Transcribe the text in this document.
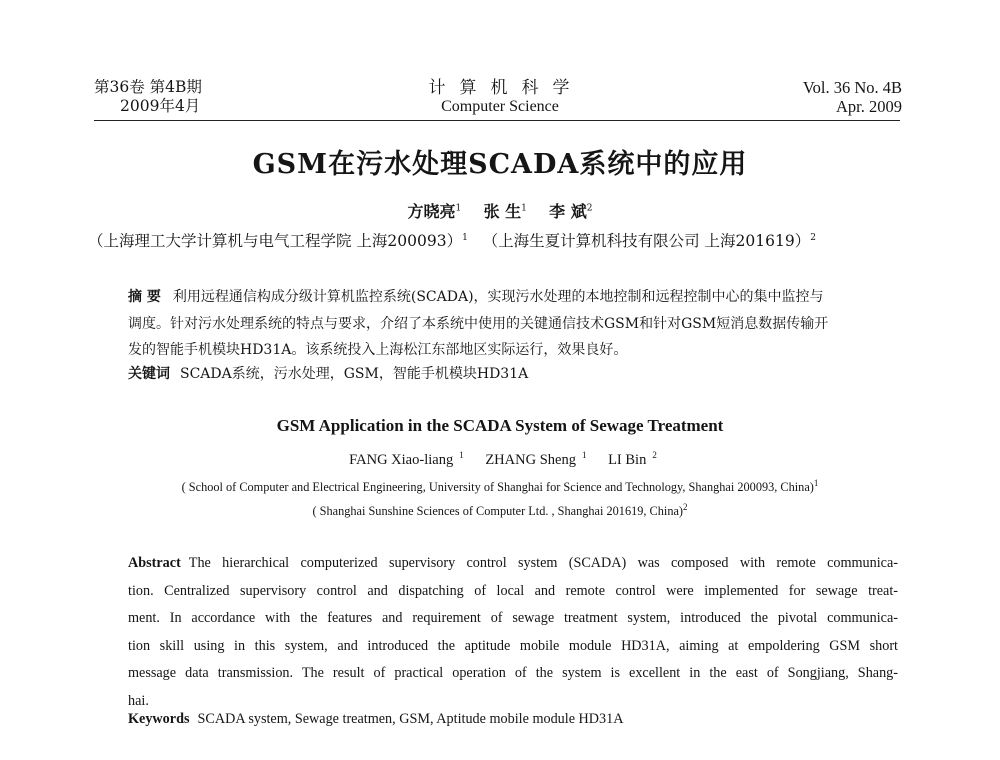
第36卷 第4B期
2009年4月
计算机科学
Computer Science
Vol. 36 No. 4B
Apr. 2009
GSM在污水处理SCADA系统中的应用
方晓亮$^1$ 张 生$^1$ 李 斌$^2$
（上海理工大学计算机与电气工程学院 上海200093）$^1$ （上海生夏计算机科技有限公司 上海201619）$^2$
摘 要 利用远程通信构成分级计算机监控系统(SCADA)，实现污水处理的本地控制和远程控制中心的集中监控与
调度。针对污水处理系统的特点与要求，介绍了本系统中使用的关键通信技术GSM和针对GSM短消息数据传输开
发的智能手机模块HD31A。该系统投入上海松江东部地区实际运行，效果良好。
关键词 SCADA系统，污水处理，GSM，智能手机模块HD31A
GSM Application in the SCADA System of Sewage Treatment
FANG Xiao-liang $^1$ ZHANG Sheng $^1$ LI Bin $^2$
( School of Computer and Electrical Engineering, University of Shanghai for Science and Technology, Shanghai 200093, China)$^1$
( Shanghai Sunshine Sciences of Computer Ltd. , Shanghai 201619, China)$^2$
Abstract The hierarchical computerized supervisory control system (SCADA) was composed with remote communica-
tion. Centralized supervisory control and dispatching of local and remote control were implemented for sewage treat-
ment. In accordance with the features and requirement of sewage treatment system, introduced the pivotal communica-
tion skill using in this system, and introduced the aptitude mobile module HD31A, aiming at empoldering GSM short
message data transmission. The result of practical operation of the system is excellent in the east of Songjiang, Shang-
hai.
Keywords SCADA system, Sewage treatmen, GSM, Aptitude mobile module HD31A
